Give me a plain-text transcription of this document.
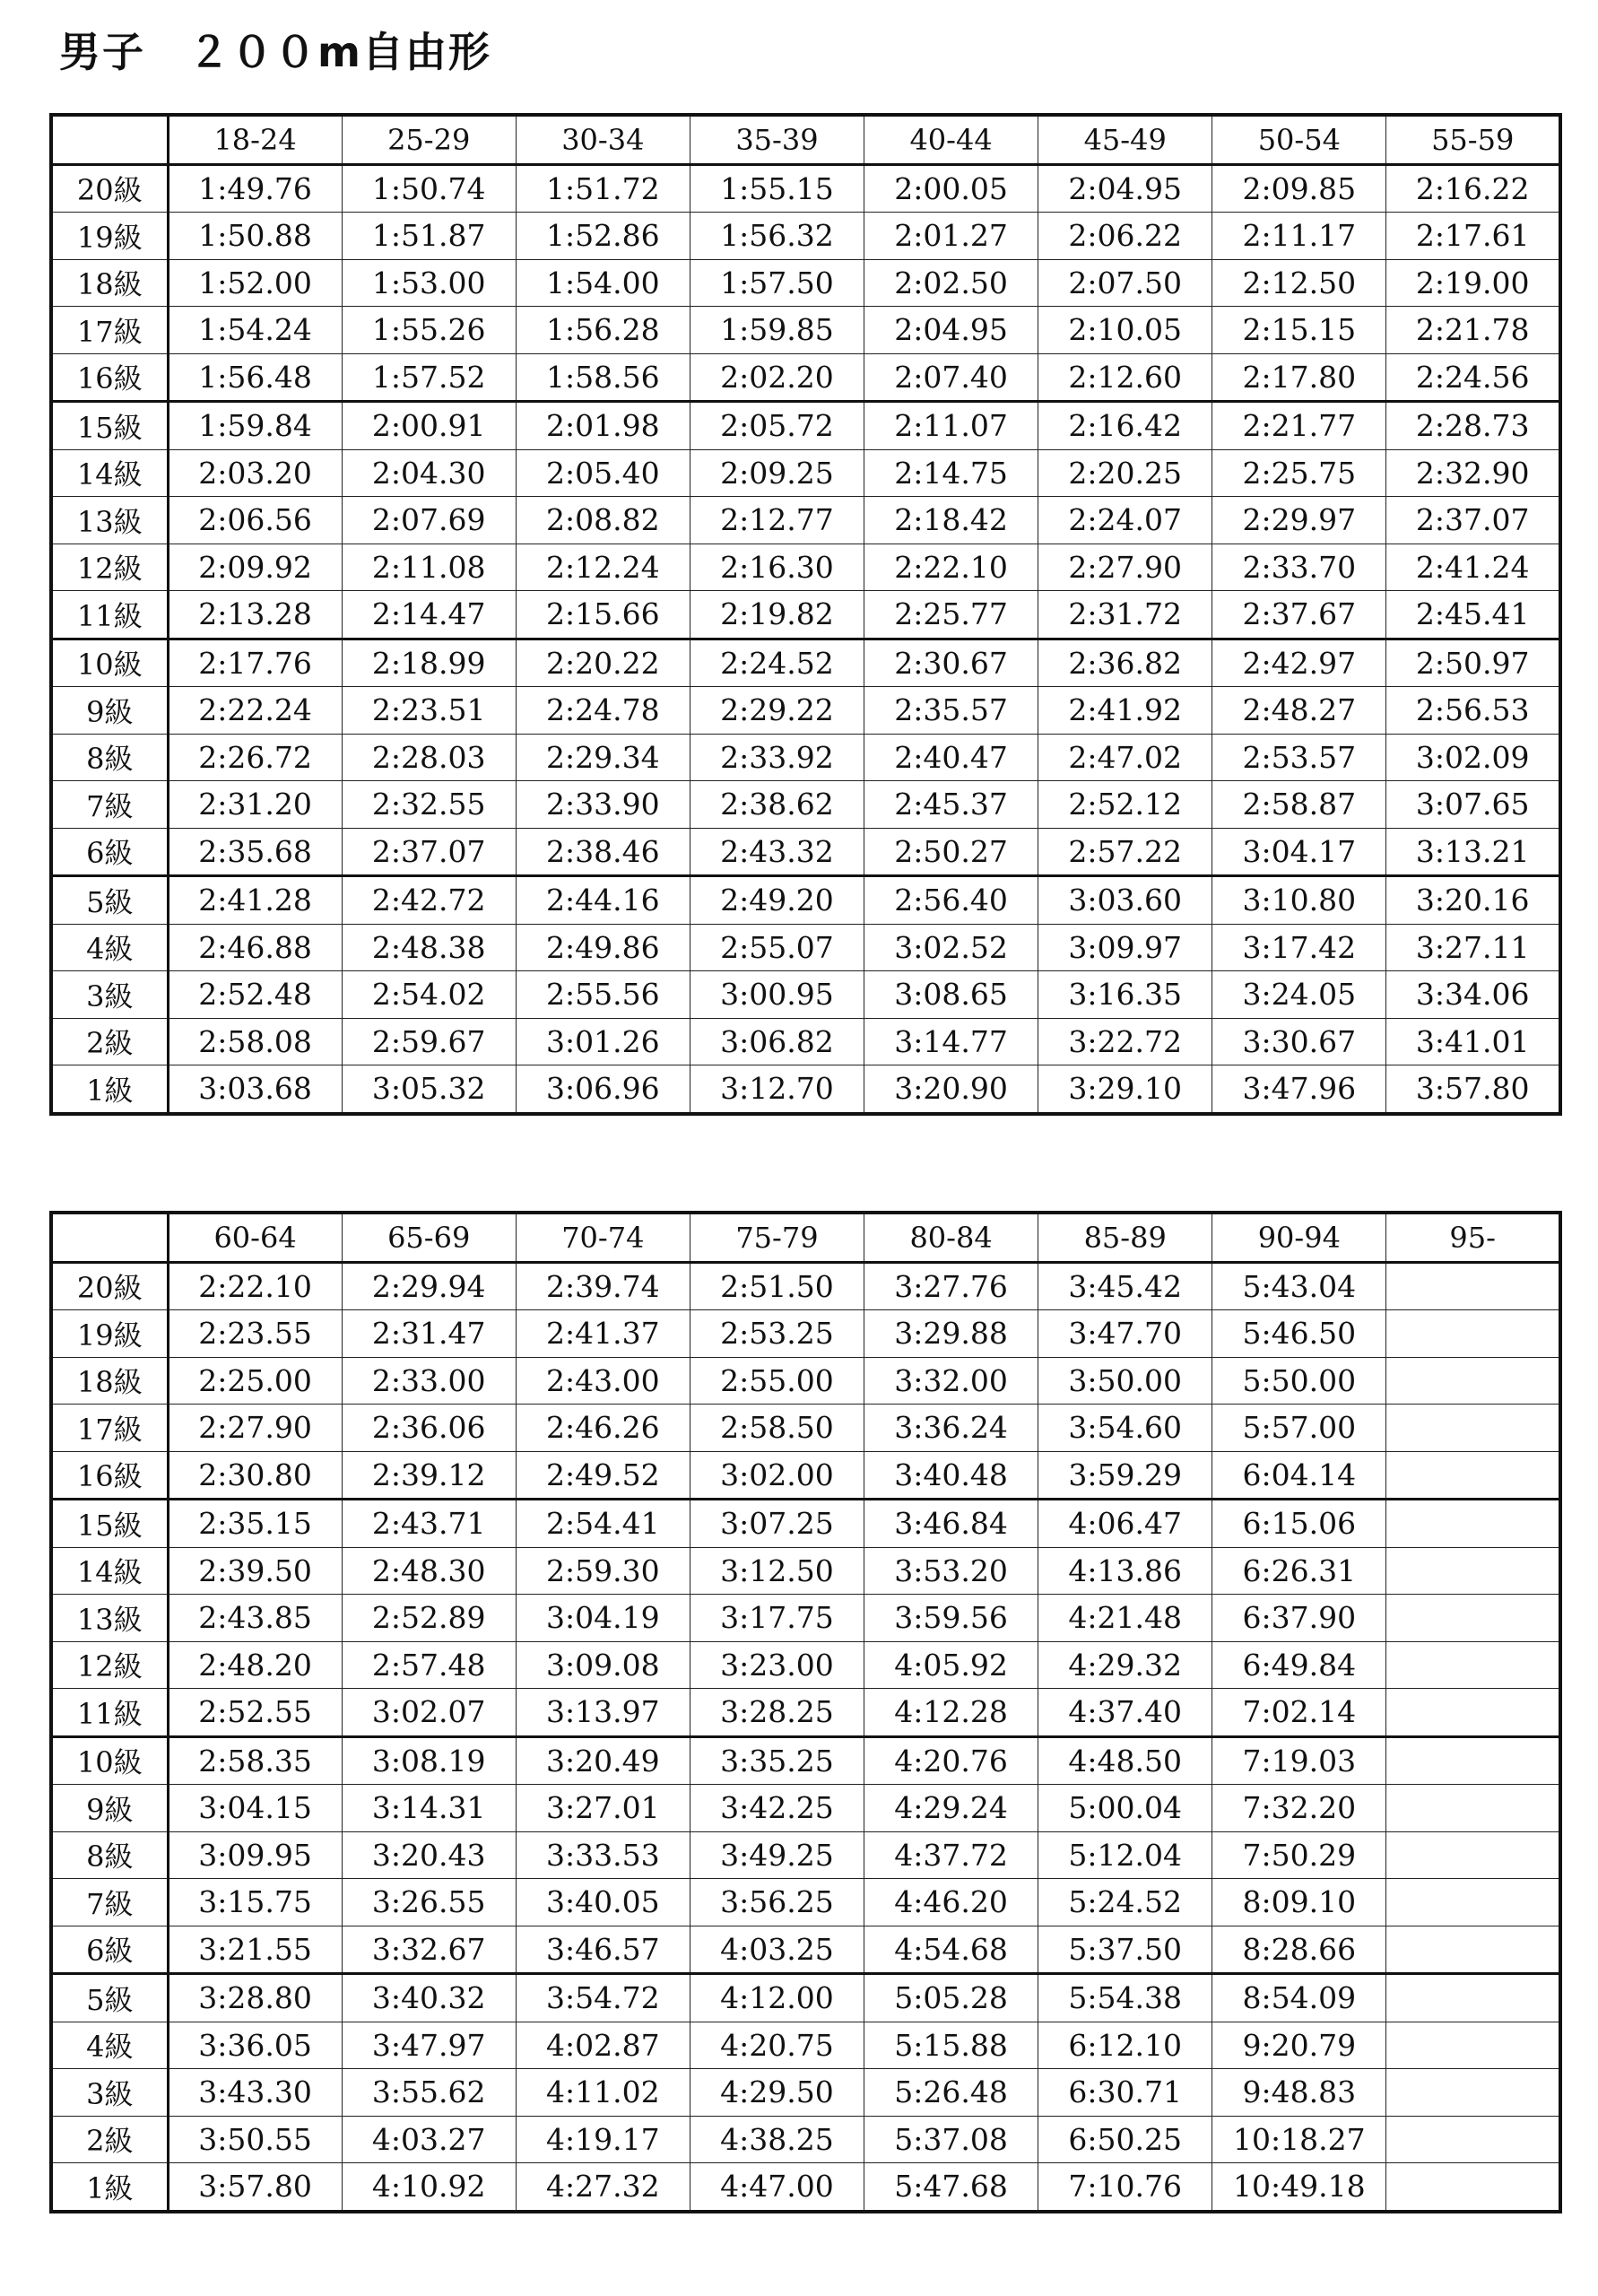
男子　２００m自由形
	18-24	25-29	30-34	35-39	40-44	45-49	50-54	55-59
20級	1:49.76	1:50.74	1:51.72	1:55.15	2:00.05	2:04.95	2:09.85	2:16.22
19級	1:50.88	1:51.87	1:52.86	1:56.32	2:01.27	2:06.22	2:11.17	2:17.61
18級	1:52.00	1:53.00	1:54.00	1:57.50	2:02.50	2:07.50	2:12.50	2:19.00
17級	1:54.24	1:55.26	1:56.28	1:59.85	2:04.95	2:10.05	2:15.15	2:21.78
16級	1:56.48	1:57.52	1:58.56	2:02.20	2:07.40	2:12.60	2:17.80	2:24.56
15級	1:59.84	2:00.91	2:01.98	2:05.72	2:11.07	2:16.42	2:21.77	2:28.73
14級	2:03.20	2:04.30	2:05.40	2:09.25	2:14.75	2:20.25	2:25.75	2:32.90
13級	2:06.56	2:07.69	2:08.82	2:12.77	2:18.42	2:24.07	2:29.97	2:37.07
12級	2:09.92	2:11.08	2:12.24	2:16.30	2:22.10	2:27.90	2:33.70	2:41.24
11級	2:13.28	2:14.47	2:15.66	2:19.82	2:25.77	2:31.72	2:37.67	2:45.41
10級	2:17.76	2:18.99	2:20.22	2:24.52	2:30.67	2:36.82	2:42.97	2:50.97
9級	2:22.24	2:23.51	2:24.78	2:29.22	2:35.57	2:41.92	2:48.27	2:56.53
8級	2:26.72	2:28.03	2:29.34	2:33.92	2:40.47	2:47.02	2:53.57	3:02.09
7級	2:31.20	2:32.55	2:33.90	2:38.62	2:45.37	2:52.12	2:58.87	3:07.65
6級	2:35.68	2:37.07	2:38.46	2:43.32	2:50.27	2:57.22	3:04.17	3:13.21
5級	2:41.28	2:42.72	2:44.16	2:49.20	2:56.40	3:03.60	3:10.80	3:20.16
4級	2:46.88	2:48.38	2:49.86	2:55.07	3:02.52	3:09.97	3:17.42	3:27.11
3級	2:52.48	2:54.02	2:55.56	3:00.95	3:08.65	3:16.35	3:24.05	3:34.06
2級	2:58.08	2:59.67	3:01.26	3:06.82	3:14.77	3:22.72	3:30.67	3:41.01
1級	3:03.68	3:05.32	3:06.96	3:12.70	3:20.90	3:29.10	3:47.96	3:57.80
	60-64	65-69	70-74	75-79	80-84	85-89	90-94	95-
20級	2:22.10	2:29.94	2:39.74	2:51.50	3:27.76	3:45.42	5:43.04	
19級	2:23.55	2:31.47	2:41.37	2:53.25	3:29.88	3:47.70	5:46.50	
18級	2:25.00	2:33.00	2:43.00	2:55.00	3:32.00	3:50.00	5:50.00	
17級	2:27.90	2:36.06	2:46.26	2:58.50	3:36.24	3:54.60	5:57.00	
16級	2:30.80	2:39.12	2:49.52	3:02.00	3:40.48	3:59.29	6:04.14	
15級	2:35.15	2:43.71	2:54.41	3:07.25	3:46.84	4:06.47	6:15.06	
14級	2:39.50	2:48.30	2:59.30	3:12.50	3:53.20	4:13.86	6:26.31	
13級	2:43.85	2:52.89	3:04.19	3:17.75	3:59.56	4:21.48	6:37.90	
12級	2:48.20	2:57.48	3:09.08	3:23.00	4:05.92	4:29.32	6:49.84	
11級	2:52.55	3:02.07	3:13.97	3:28.25	4:12.28	4:37.40	7:02.14	
10級	2:58.35	3:08.19	3:20.49	3:35.25	4:20.76	4:48.50	7:19.03	
9級	3:04.15	3:14.31	3:27.01	3:42.25	4:29.24	5:00.04	7:32.20	
8級	3:09.95	3:20.43	3:33.53	3:49.25	4:37.72	5:12.04	7:50.29	
7級	3:15.75	3:26.55	3:40.05	3:56.25	4:46.20	5:24.52	8:09.10	
6級	3:21.55	3:32.67	3:46.57	4:03.25	4:54.68	5:37.50	8:28.66	
5級	3:28.80	3:40.32	3:54.72	4:12.00	5:05.28	5:54.38	8:54.09	
4級	3:36.05	3:47.97	4:02.87	4:20.75	5:15.88	6:12.10	9:20.79	
3級	3:43.30	3:55.62	4:11.02	4:29.50	5:26.48	6:30.71	9:48.83	
2級	3:50.55	4:03.27	4:19.17	4:38.25	5:37.08	6:50.25	10:18.27	
1級	3:57.80	4:10.92	4:27.32	4:47.00	5:47.68	7:10.76	10:49.18	
